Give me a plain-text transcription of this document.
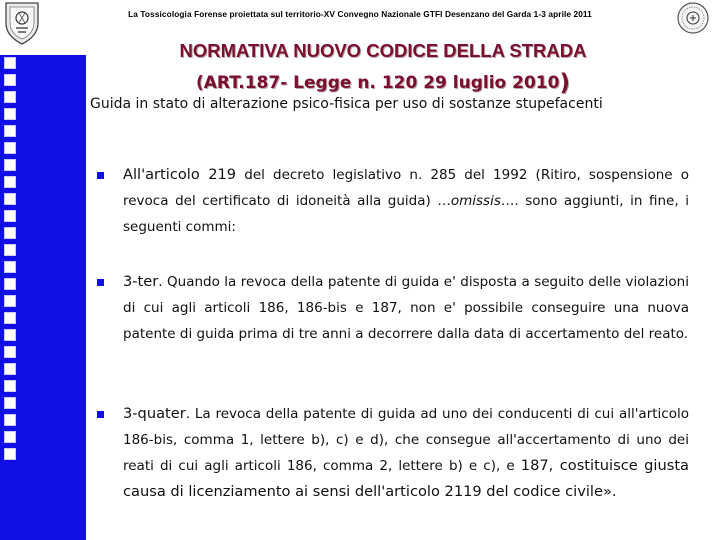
La Tossicologia Forense proiettata sul territorio-XV Convegno Nazionale GTFI Desenzano del Garda 1-3 aprile 2011
NORMATIVA NUOVO CODICE DELLA STRADA
(ART.187- Legge n. 120 29 luglio 2010)
Guida in stato di alterazione psico-fisica per uso di sostanze stupefacenti
All'articolo 219 del decreto legislativo n. 285 del 1992 (Ritiro, sospensione o revoca del certificato di idoneità alla guida) …omissis…. sono aggiunti, in fine, i seguenti commi:
3-ter. Quando la revoca della patente di guida e' disposta a seguito delle violazioni di cui agli articoli 186, 186-bis e 187, non e' possibile conseguire una nuova patente di guida prima di tre anni a decorrere dalla data di accertamento del reato.
3-quater. La revoca della patente di guida ad uno dei conducenti di cui all'articolo 186-bis, comma 1, lettere b), c) e d), che consegue all'accertamento di uno dei reati di cui agli articoli 186, comma 2, lettere b) e c), e 187, costituisce giusta causa di licenziamento ai sensi dell'articolo 2119 del codice civile».
